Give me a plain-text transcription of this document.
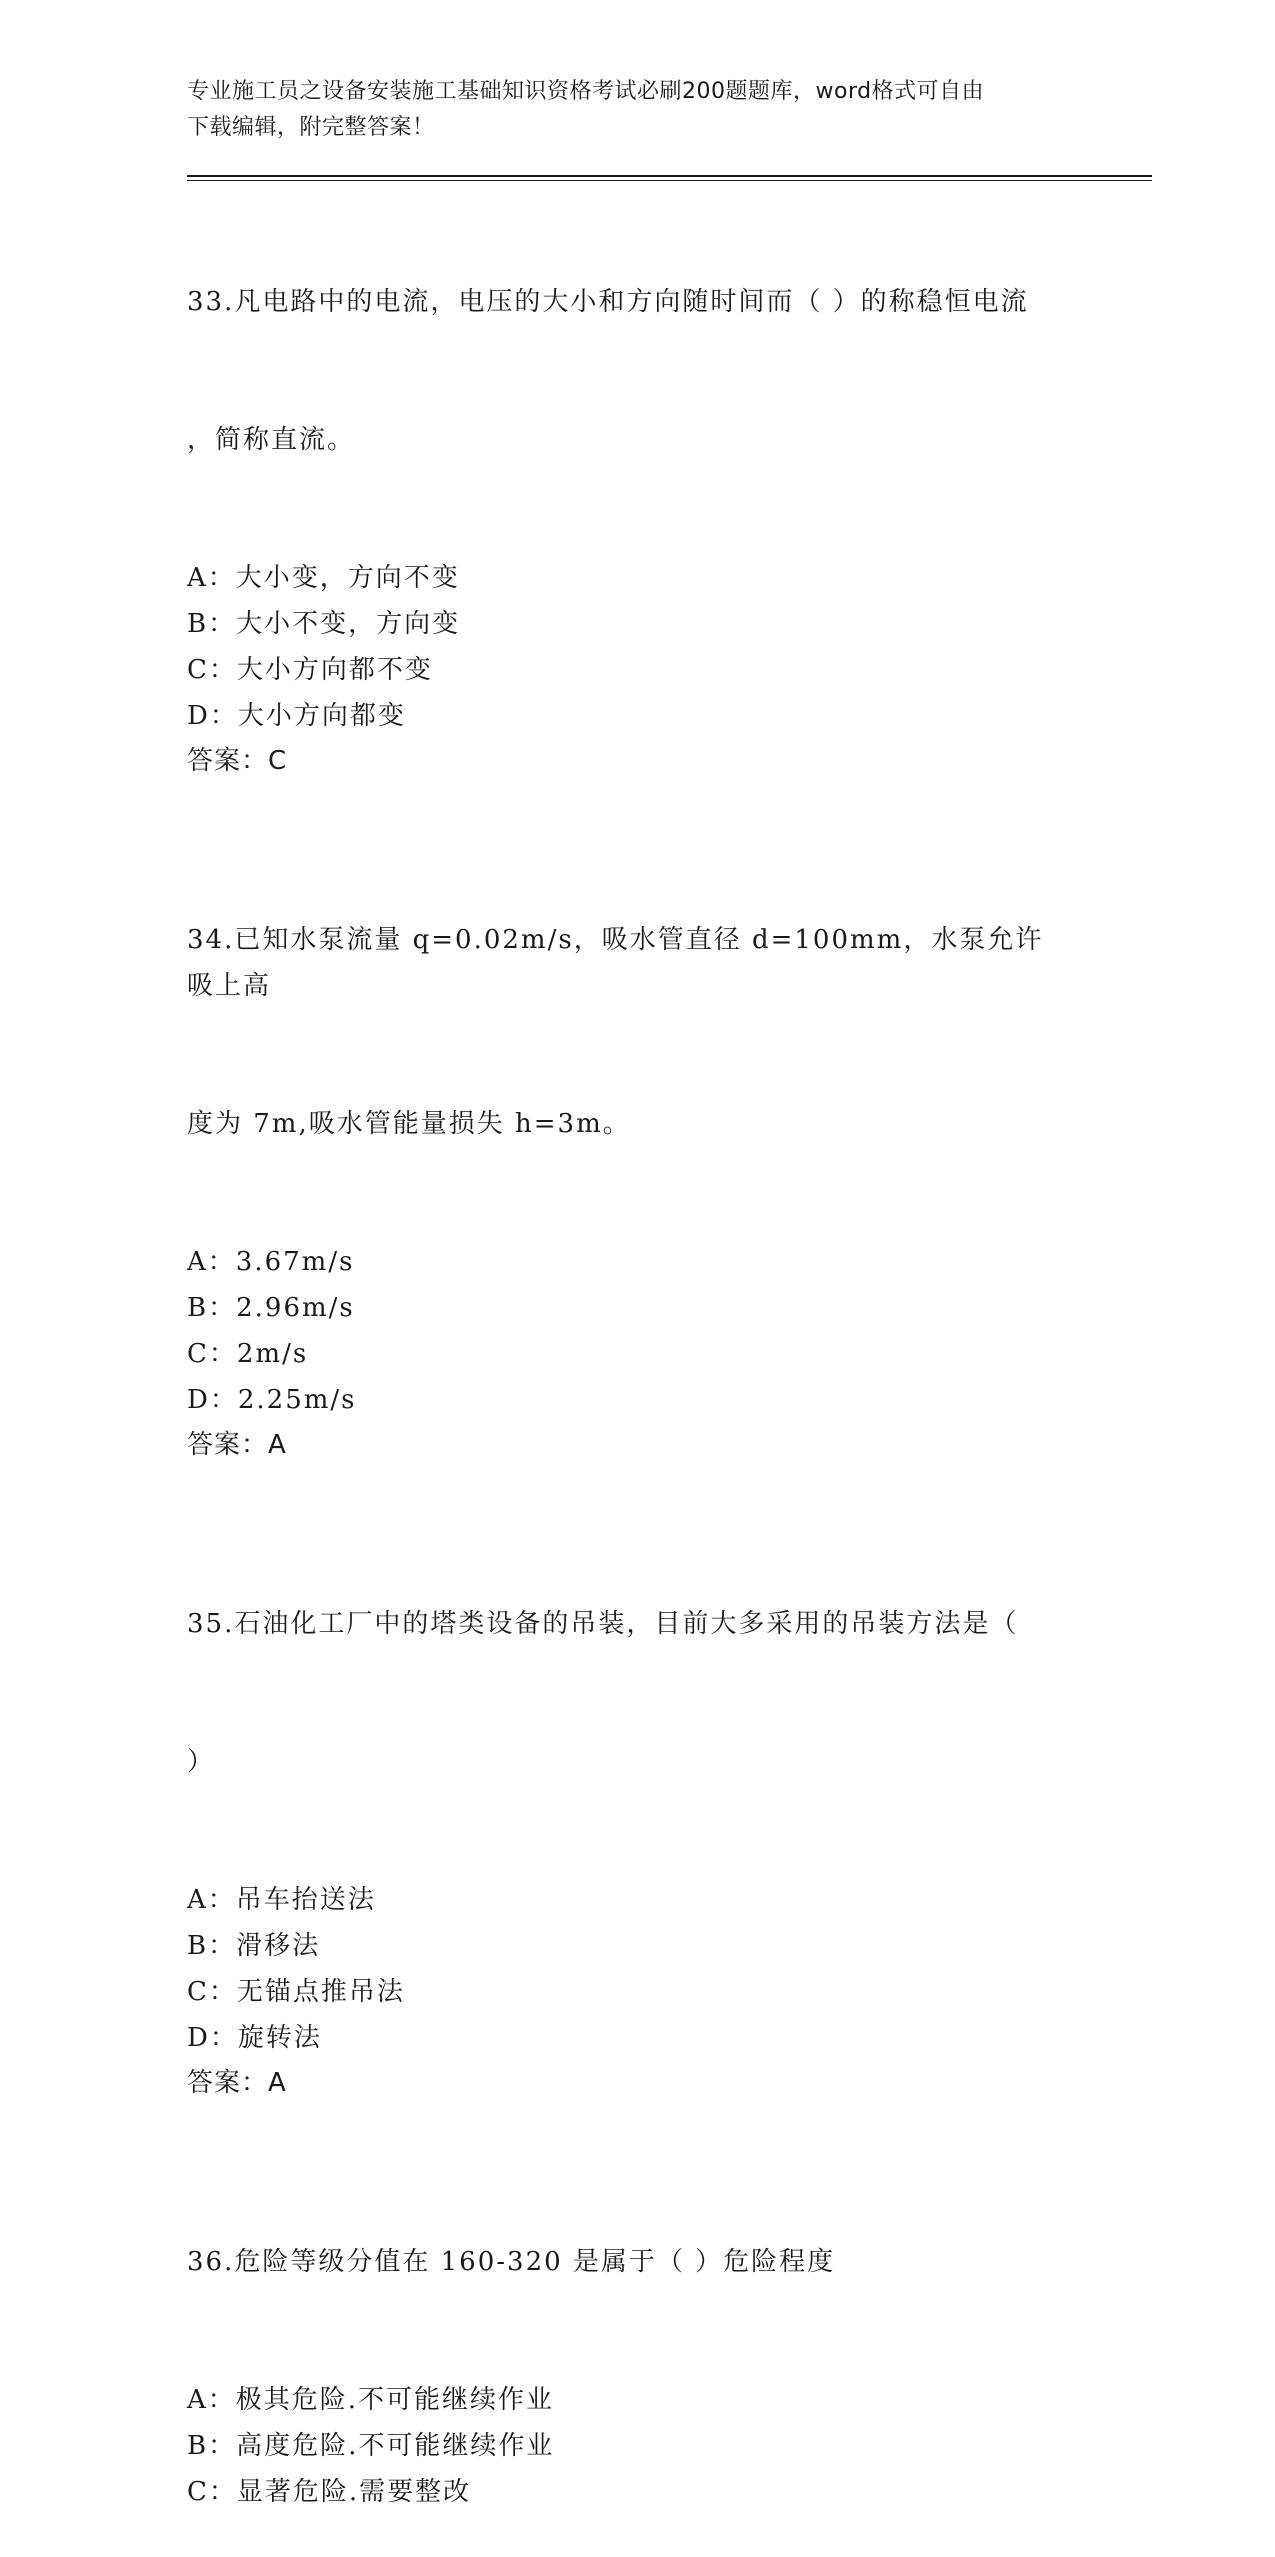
专业施工员之设备安装施工基础知识资格考试必刷200题题库，word格式可自由
下载编辑，附完整答案！

33.凡电路中的电流，电压的大小和方向随时间而（ ）的称稳恒电流

，简称直流。

A：大小变，方向不变
B：大小不变，方向变
C：大小方向都不变
D：大小方向都变
答案：C

34.已知水泵流量 q=0.02m/s，吸水管直径 d=100mm，水泵允许吸上高

度为 7m,吸水管能量损失 h=3m。

A：3.67m/s
B：2.96m/s
C：2m/s
D：2.25m/s
答案：A

35.石油化工厂中的塔类设备的吊装，目前大多采用的吊装方法是（

）

A：吊车抬送法
B：滑移法
C：无锚点推吊法
D：旋转法
答案：A

36.危险等级分值在 160-320 是属于（ ）危险程度

A：极其危险.不可能继续作业
B：高度危险.不可能继续作业
C：显著危险.需要整改
